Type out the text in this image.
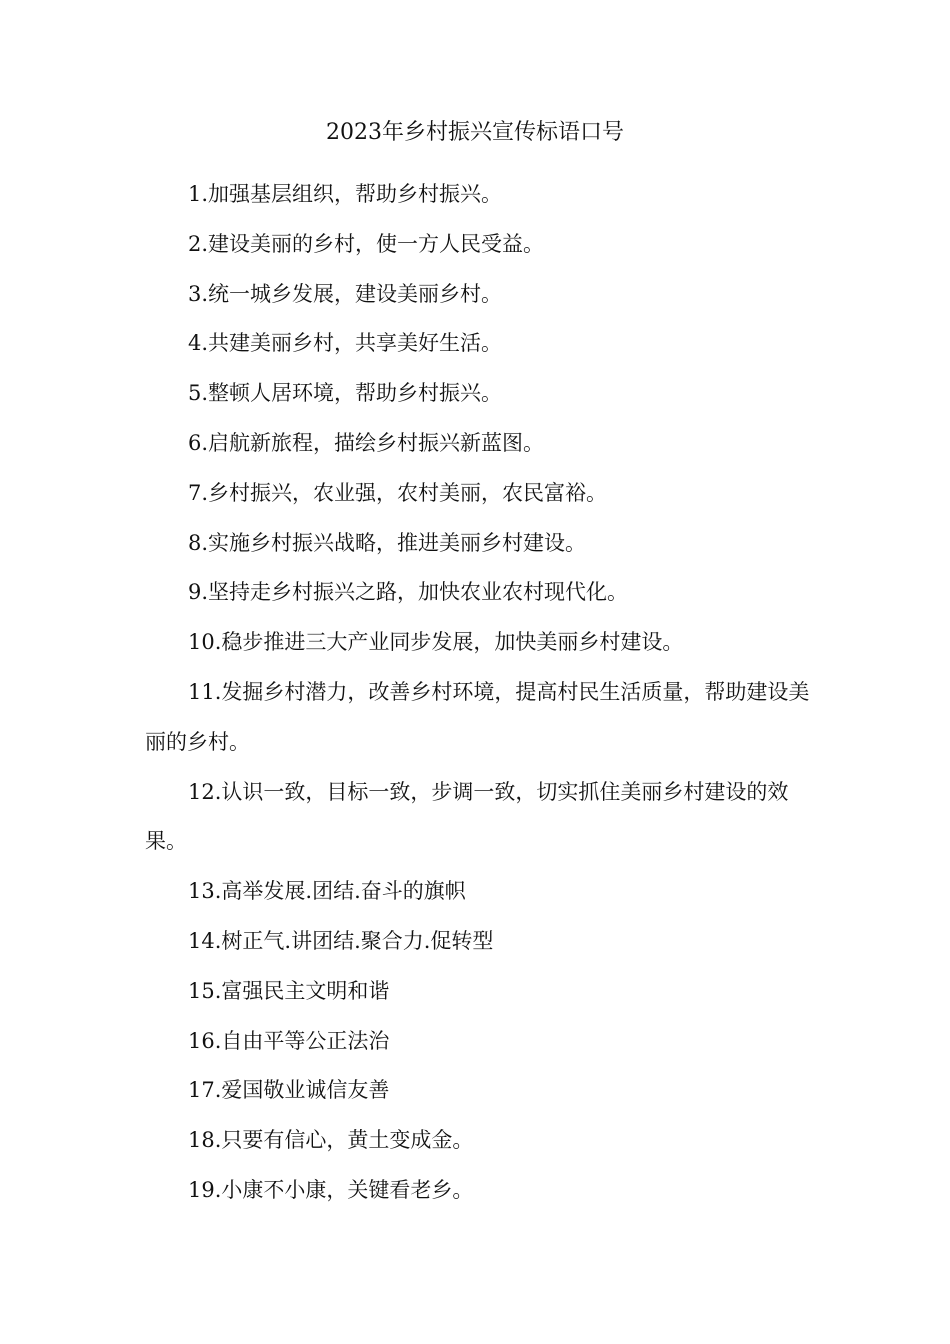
2023年乡村振兴宣传标语口号
1.加强基层组织，帮助乡村振兴。
2.建设美丽的乡村，使一方人民受益。
3.统一城乡发展，建设美丽乡村。
4.共建美丽乡村，共享美好生活。
5.整顿人居环境，帮助乡村振兴。
6.启航新旅程，描绘乡村振兴新蓝图。
7.乡村振兴，农业强，农村美丽，农民富裕。
8.实施乡村振兴战略，推进美丽乡村建设。
9.坚持走乡村振兴之路，加快农业农村现代化。
10.稳步推进三大产业同步发展，加快美丽乡村建设。
11.发掘乡村潜力，改善乡村环境，提高村民生活质量，帮助建设美丽的乡村。
12.认识一致，目标一致，步调一致，切实抓住美丽乡村建设的效果。
13.高举发展.团结.奋斗的旗帜
14.树正气.讲团结.聚合力.促转型
15.富强民主文明和谐
16.自由平等公正法治
17.爱国敬业诚信友善
18.只要有信心，黄土变成金。
19.小康不小康，关键看老乡。
